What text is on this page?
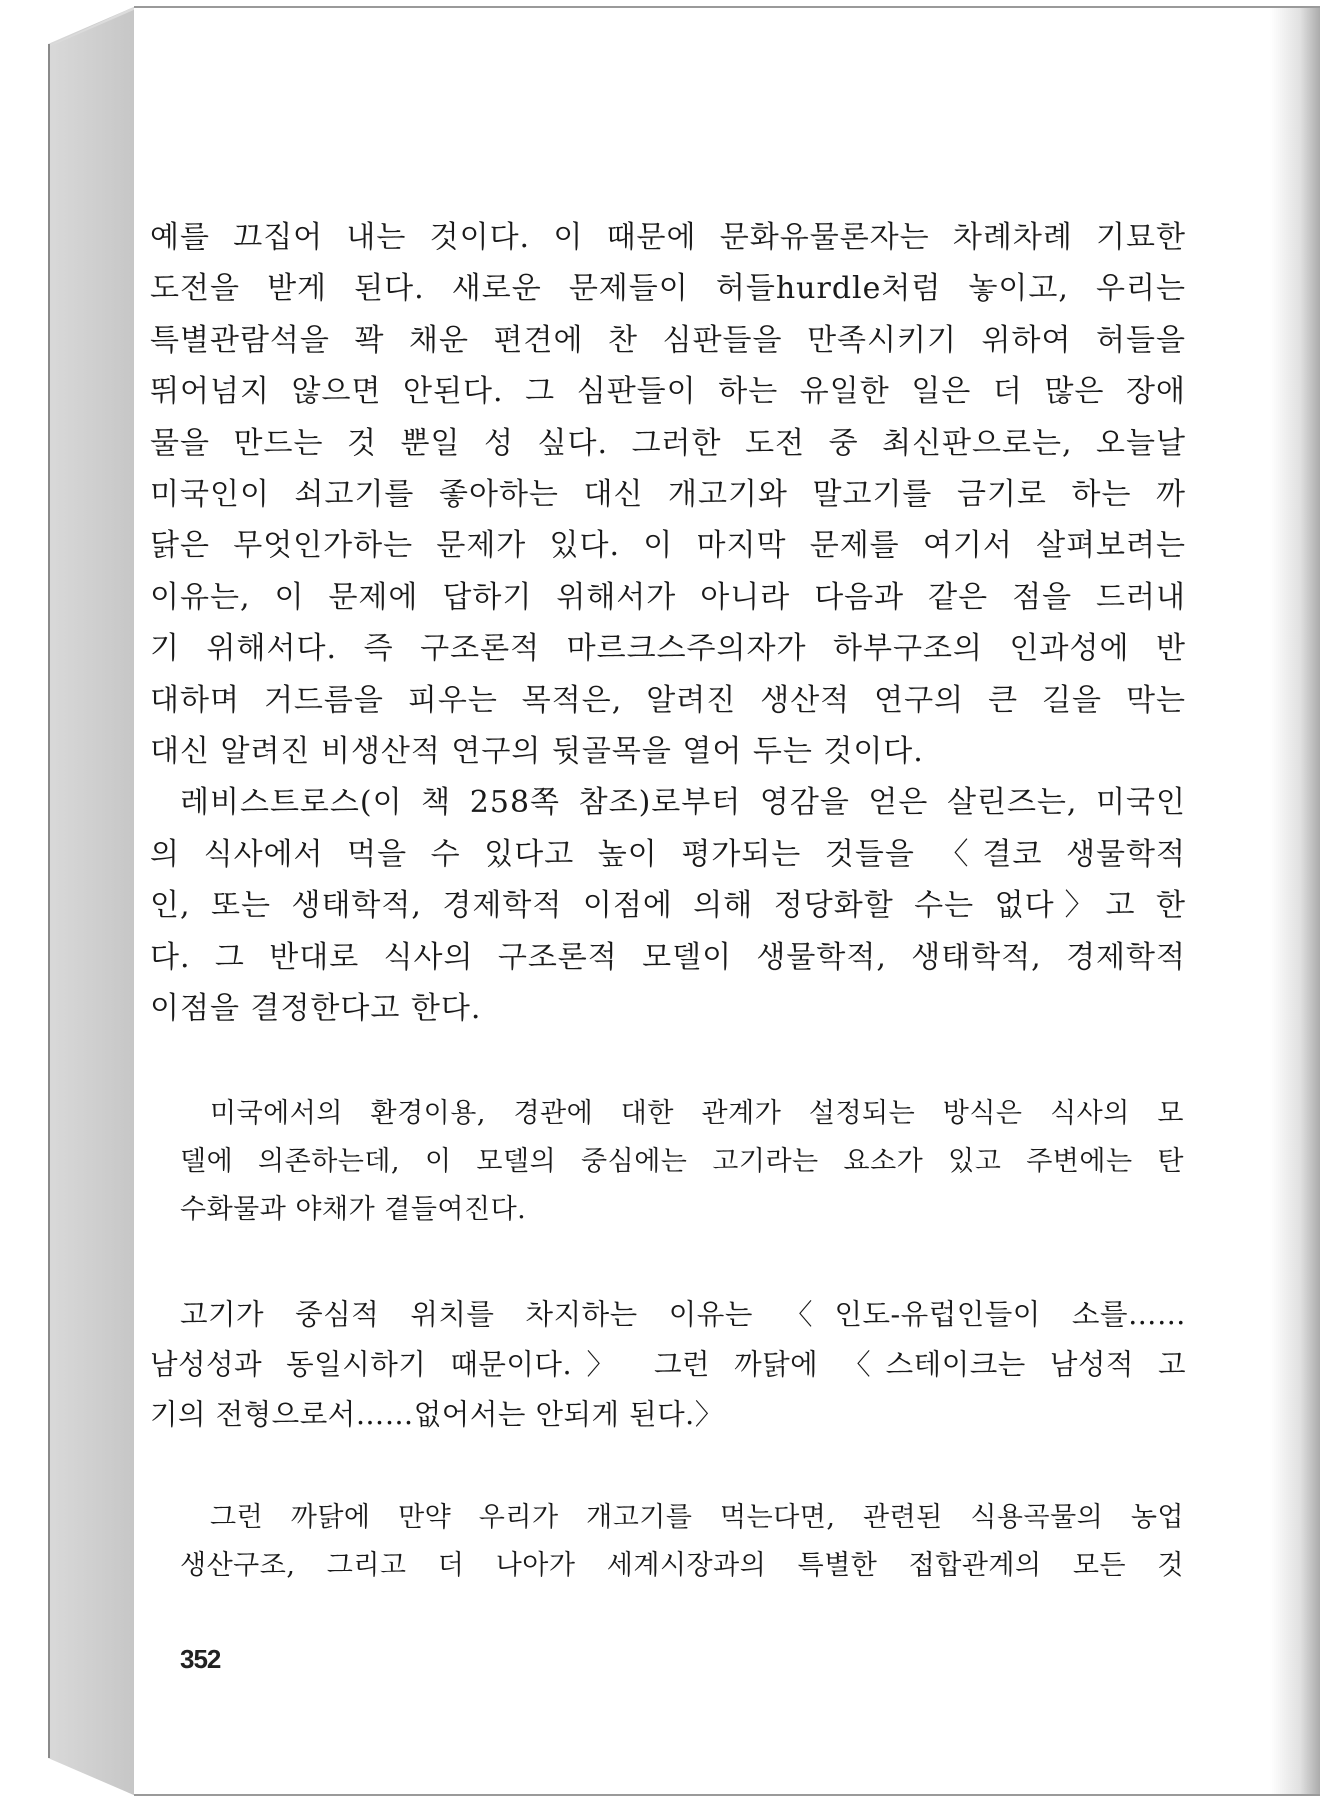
예를 끄집어 내는 것이다. 이 때문에 문화유물론자는 차례차례 기묘한
도전을 받게 된다. 새로운 문제들이 허들hurdle처럼 놓이고, 우리는
특별관람석을 꽉 채운 편견에 찬 심판들을 만족시키기 위하여 허들을
뛰어넘지 않으면 안된다. 그 심판들이 하는 유일한 일은 더 많은 장애
물을 만드는 것 뿐일 성 싶다. 그러한 도전 중 최신판으로는, 오늘날
미국인이 쇠고기를 좋아하는 대신 개고기와 말고기를 금기로 하는 까
닭은 무엇인가하는 문제가 있다. 이 마지막 문제를 여기서 살펴보려는
이유는, 이 문제에 답하기 위해서가 아니라 다음과 같은 점을 드러내
기 위해서다. 즉 구조론적 마르크스주의자가 하부구조의 인과성에 반
대하며 거드름을 피우는 목적은, 알려진 생산적 연구의 큰 길을 막는
대신 알려진 비생산적 연구의 뒷골목을 열어 두는 것이다.
레비스트로스(이 책 258쪽 참조)로부터 영감을 얻은 살린즈는, 미국인
의 식사에서 먹을 수 있다고 높이 평가되는 것들을 〈결코 생물학적
인, 또는 생태학적, 경제학적 이점에 의해 정당화할 수는 없다〉고 한
다. 그 반대로 식사의 구조론적 모델이 생물학적, 생태학적, 경제학적
이점을 결정한다고 한다.
미국에서의 환경이용, 경관에 대한 관계가 설정되는 방식은 식사의 모
델에 의존하는데, 이 모델의 중심에는 고기라는 요소가 있고 주변에는 탄
수화물과 야채가 곁들여진다.
고기가 중심적 위치를 차지하는 이유는 〈인도-유럽인들이 소를……
남성성과 동일시하기 때문이다.〉 그런 까닭에 〈스테이크는 남성적 고
기의 전형으로서……없어서는 안되게 된다.〉
그런 까닭에 만약 우리가 개고기를 먹는다면, 관련된 식용곡물의 농업
생산구조, 그리고 더 나아가 세계시장과의 특별한 접합관계의 모든 것
352
